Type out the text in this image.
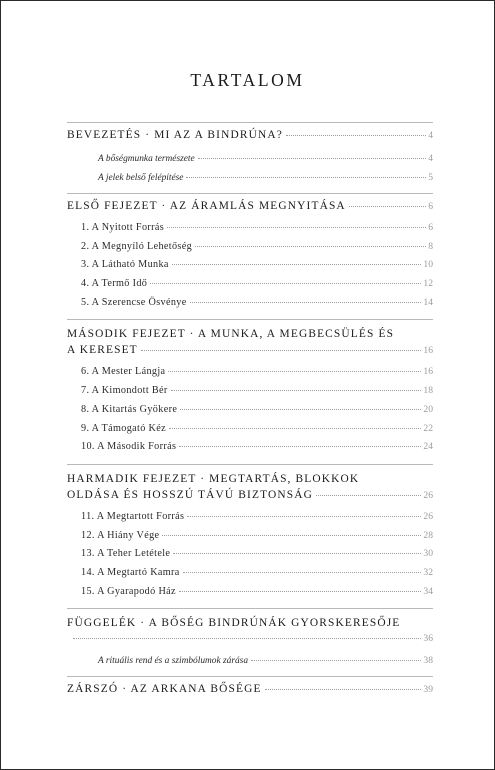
TARTALOM
BEVEZETÉS · MI AZ A BINDRÚNA?	4
A bőségmunka természete	4
A jelek belső felépítése	5
ELSŐ FEJEZET · AZ ÁRAMLÁS MEGNYITÁSA	6
1. A Nyitott Forrás	6
2. A Megnyíló Lehetőség	8
3. A Látható Munka	10
4. A Termő Idő	12
5. A Szerencse Ösvénye	14
MÁSODIK FEJEZET · A MUNKA, A MEGBECSÜLÉS ÉS
A KERESET	16
6. A Mester Lángja	16
7. A Kimondott Bér	18
8. A Kitartás Gyökere	20
9. A Támogató Kéz	22
10. A Második Forrás	24
HARMADIK FEJEZET · MEGTARTÁS, BLOKKOK
OLDÁSA ÉS HOSSZÚ TÁVÚ BIZTONSÁG	26
11. A Megtartott Forrás	26
12. A Hiány Vége	28
13. A Teher Letétele	30
14. A Megtartó Kamra	32
15. A Gyarapodó Ház	34
FÜGGELÉK · A BŐSÉG BINDRÚNÁK GYORSKERESŐJE
36
A rituális rend és a szimbólumok zárása	38
ZÁRSZÓ · AZ ARKANA BŐSÉGE	39
